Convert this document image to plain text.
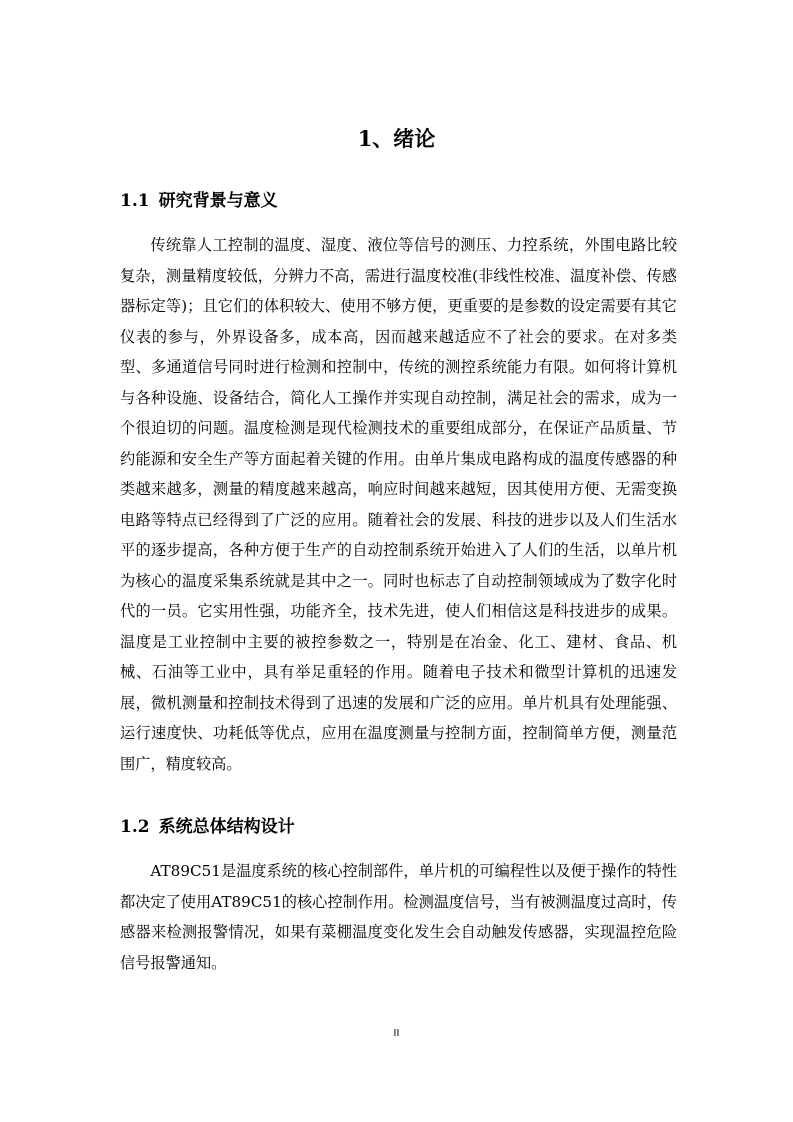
1、绪论
1.1 研究背景与意义

传统靠人工控制的温度、湿度、液位等信号的测压、力控系统，外围电路比较复杂，测量精度较低，分辨力不高，需进行温度校准(非线性校准、温度补偿、传感器标定等)；且它们的体积较大、使用不够方便，更重要的是参数的设定需要有其它仪表的参与，外界设备多，成本高，因而越来越适应不了社会的要求。在对多类型、多通道信号同时进行检测和控制中，传统的测控系统能力有限。如何将计算机与各种设施、设备结合，简化人工操作并实现自动控制，满足社会的需求，成为一个很迫切的问题。温度检测是现代检测技术的重要组成部分，在保证产品质量、节约能源和安全生产等方面起着关键的作用。由单片集成电路构成的温度传感器的种类越来越多，测量的精度越来越高，响应时间越来越短，因其使用方便、无需变换电路等特点已经得到了广泛的应用。随着社会的发展、科技的进步以及人们生活水平的逐步提高，各种方便于生产的自动控制系统开始进入了人们的生活，以单片机为核心的温度采集系统就是其中之一。同时也标志了自动控制领域成为了数字化时代的一员。它实用性强，功能齐全，技术先进，使人们相信这是科技进步的成果。温度是工业控制中主要的被控参数之一，特别是在冶金、化工、建材、食品、机械、石油等工业中，具有举足重轻的作用。随着电子技术和微型计算机的迅速发展，微机测量和控制技术得到了迅速的发展和广泛的应用。单片机具有处理能强、运行速度快、功耗低等优点，应用在温度测量与控制方面，控制简单方便，测量范围广，精度较高。

1.2 系统总体结构设计

AT89C51是温度系统的核心控制部件，单片机的可编程性以及便于操作的特性都决定了使用AT89C51的核心控制作用。检测温度信号，当有被测温度过高时，传感器来检测报警情况，如果有菜棚温度变化发生会自动触发传感器，实现温控危险信号报警通知。

II
